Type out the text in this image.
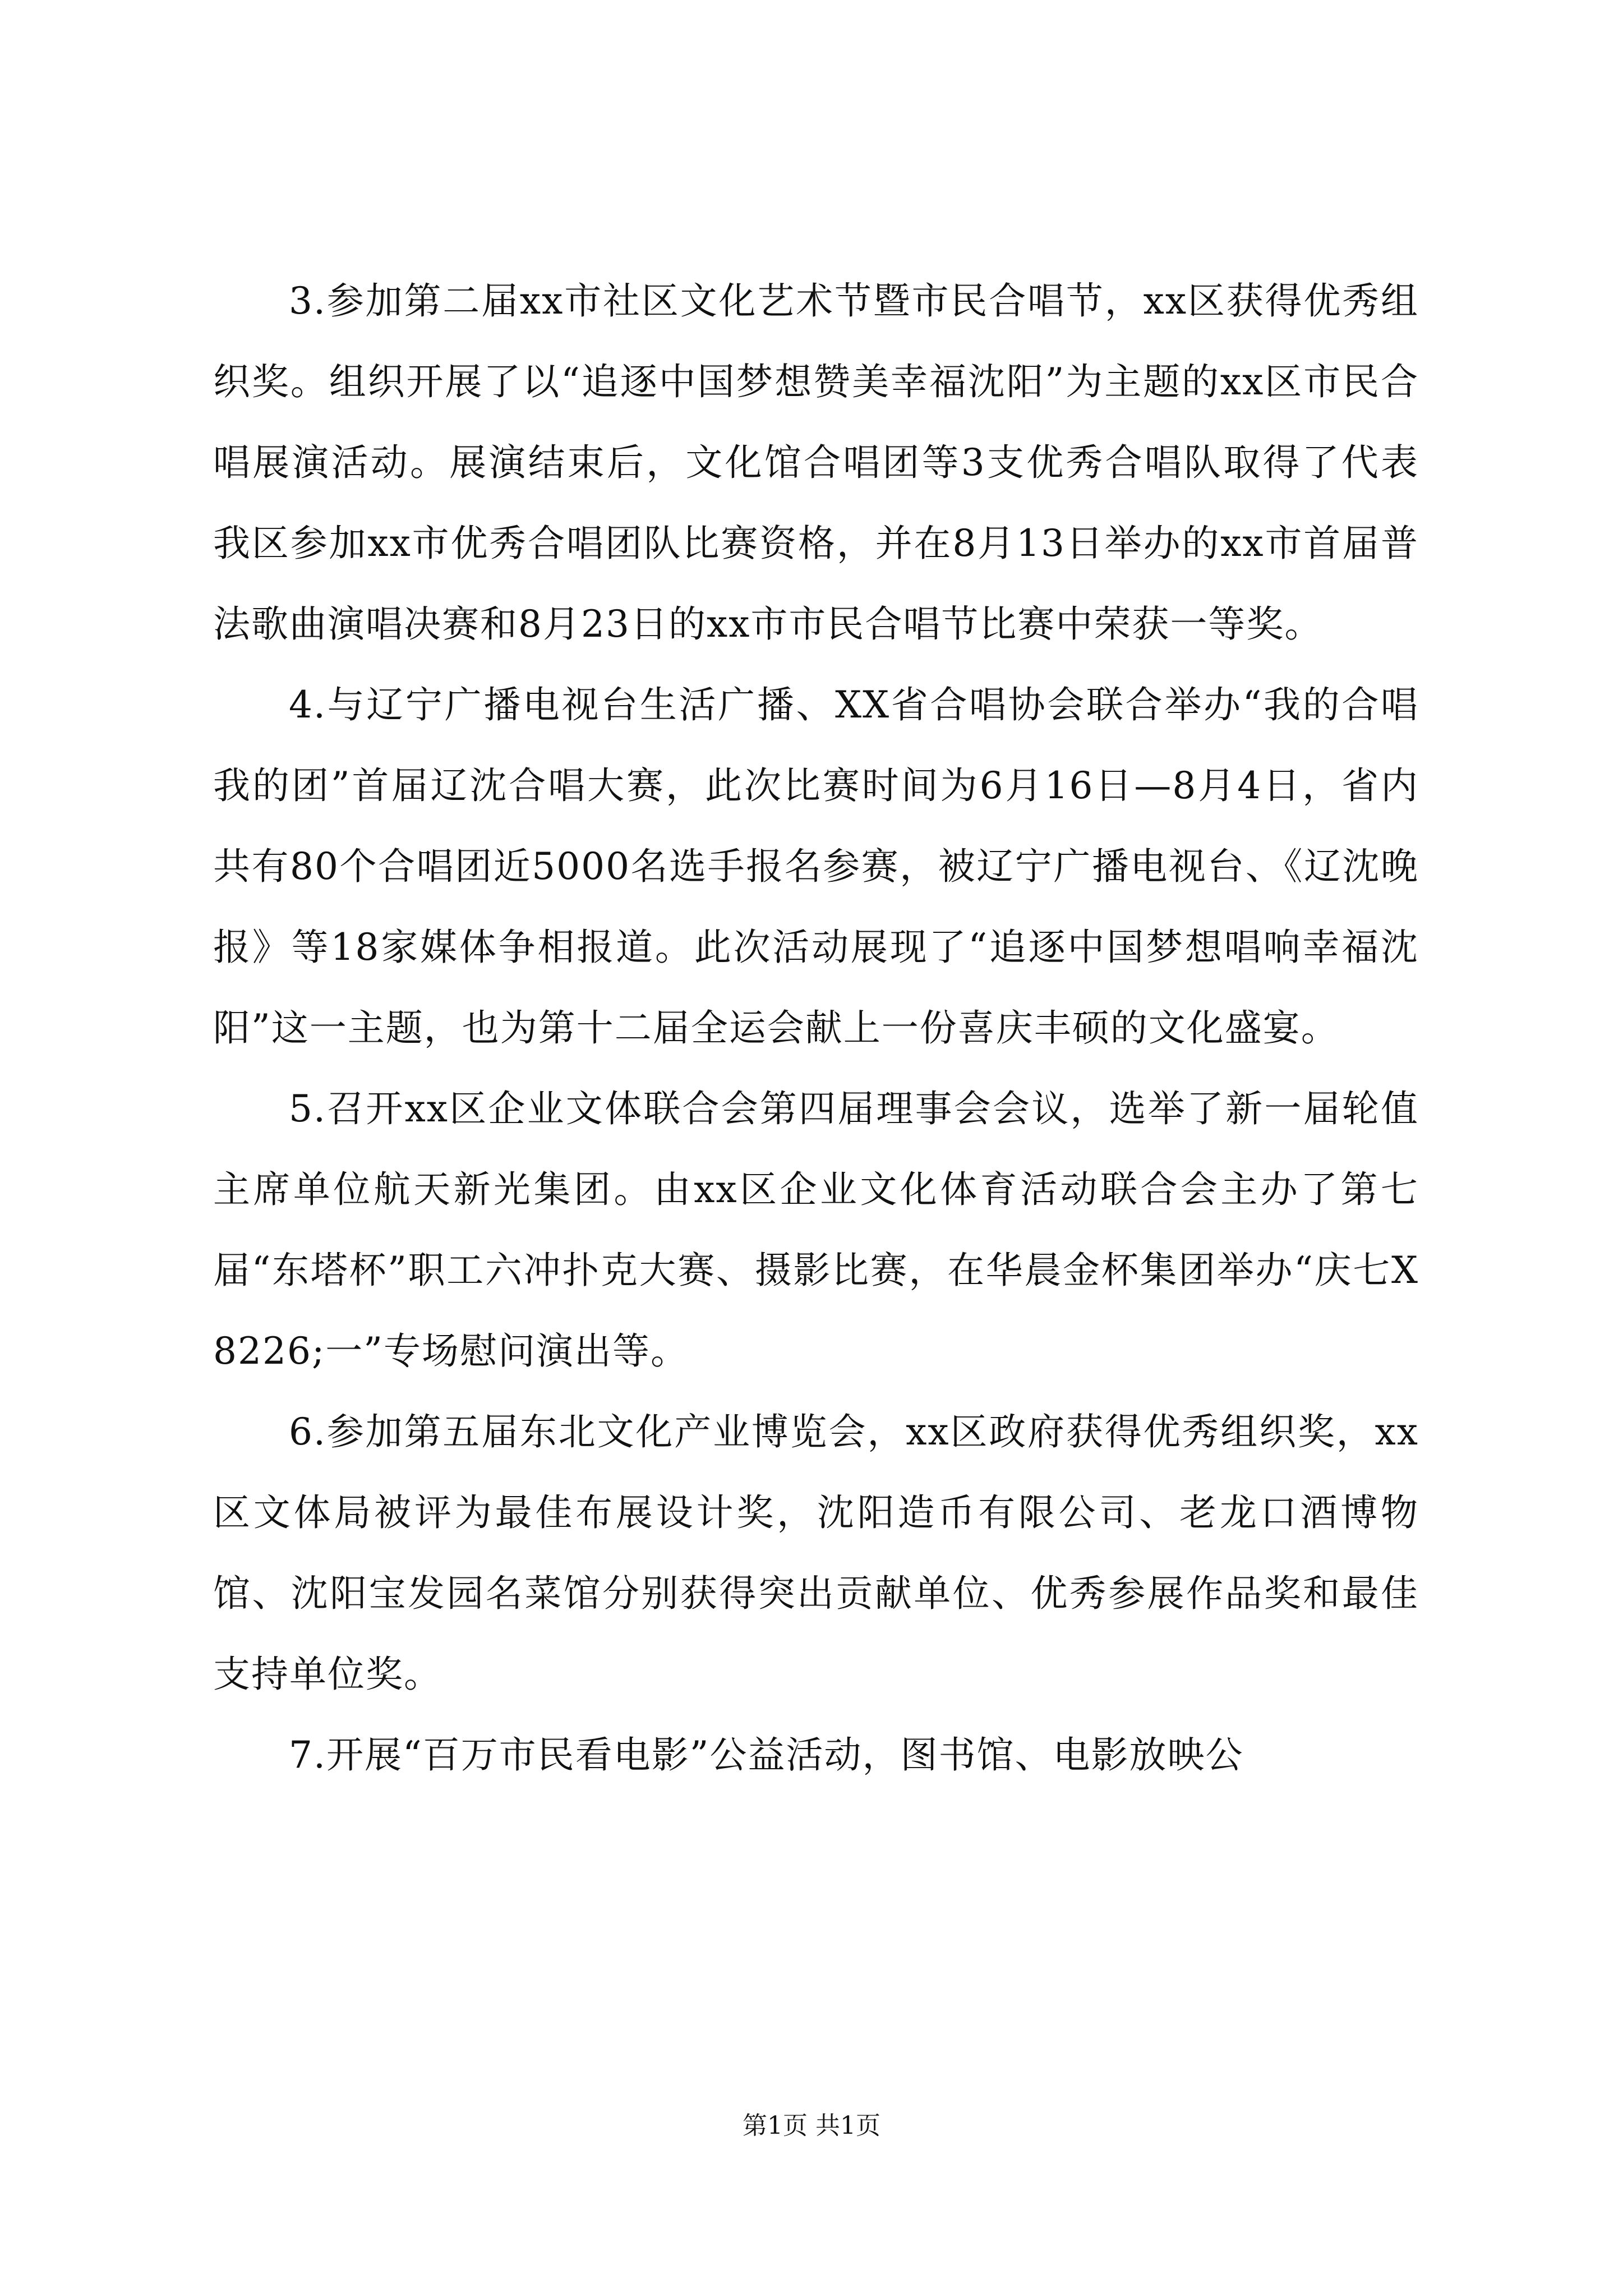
3.参加第二届xx市社区文化艺术节暨市民合唱节，xx区获得优秀组织奖。组织开展了以“追逐中国梦想赞美幸福沈阳”为主题的xx区市民合唱展演活动。展演结束后，文化馆合唱团等3支优秀合唱队取得了代表我区参加xx市优秀合唱团队比赛资格，并在8月13日举办的xx市首届普法歌曲演唱决赛和8月23日的xx市市民合唱节比赛中荣获一等奖。

4.与辽宁广播电视台生活广播、XX省合唱协会联合举办“我的合唱我的团”首届辽沈合唱大赛，此次比赛时间为6月16日—8月4日，省内共有80个合唱团近5000名选手报名参赛，被辽宁广播电视台、《辽沈晚报》等18家媒体争相报道。此次活动展现了“追逐中国梦想唱响幸福沈阳”这一主题，也为第十二届全运会献上一份喜庆丰硕的文化盛宴。

5.召开xx区企业文体联合会第四届理事会会议，选举了新一届轮值主席单位航天新光集团。由xx区企业文化体育活动联合会主办了第七届“东塔杯”职工六冲扑克大赛、摄影比赛，在华晨金杯集团举办“庆七X8226;一”专场慰问演出等。

6.参加第五届东北文化产业博览会，xx区政府获得优秀组织奖，xx区文体局被评为最佳布展设计奖，沈阳造币有限公司、老龙口酒博物馆、沈阳宝发园名菜馆分别获得突出贡献单位、优秀参展作品奖和最佳支持单位奖。

7.开展“百万市民看电影”公益活动，图书馆、电影放映公

第1页 共1页
